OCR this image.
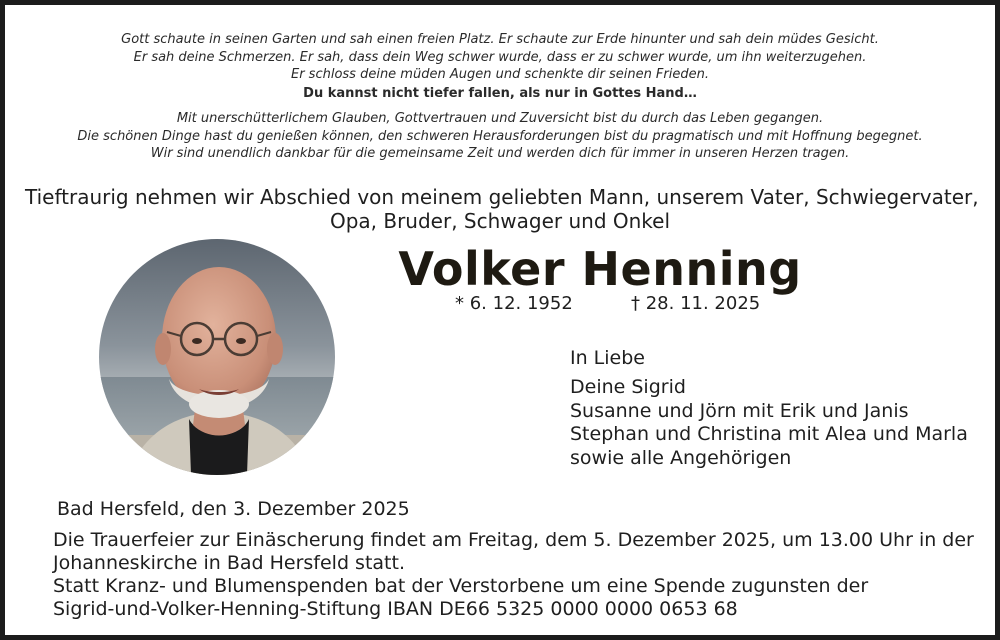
Gott schaute in seinen Garten und sah einen freien Platz. Er schaute zur Erde hinunter und sah dein müdes Gesicht.
Er sah deine Schmerzen. Er sah, dass dein Weg schwer wurde, dass er zu schwer wurde, um ihn weiterzugehen.
Er schloss deine müden Augen und schenkte dir seinen Frieden.
Du kannst nicht tiefer fallen, als nur in Gottes Hand…
Mit unerschütterlichem Glauben, Gottvertrauen und Zuversicht bist du durch das Leben gegangen.
Die schönen Dinge hast du genießen können, den schweren Herausforderungen bist du pragmatisch und mit Hoffnung begegnet.
Wir sind unendlich dankbar für die gemeinsame Zeit und werden dich für immer in unseren Herzen tragen.
Tieftraurig nehmen wir Abschied von meinem geliebten Mann, unserem Vater, Schwiegervater,
Opa, Bruder, Schwager und Onkel
Volker Henning
* 6. 12. 1952	† 28. 11. 2025
In Liebe
Deine Sigrid
Susanne und Jörn mit Erik und Janis
Stephan und Christina mit Alea und Marla
sowie alle Angehörigen
Bad Hersfeld, den 3. Dezember 2025
Die Trauerfeier zur Einäscherung findet am Freitag, dem 5. Dezember 2025, um 13.00 Uhr in der
Johanneskirche in Bad Hersfeld statt.
Statt Kranz- und Blumenspenden bat der Verstorbene um eine Spende zugunsten der
Sigrid-und-Volker-Henning-Stiftung IBAN DE66 5325 0000 0000 0653 68
